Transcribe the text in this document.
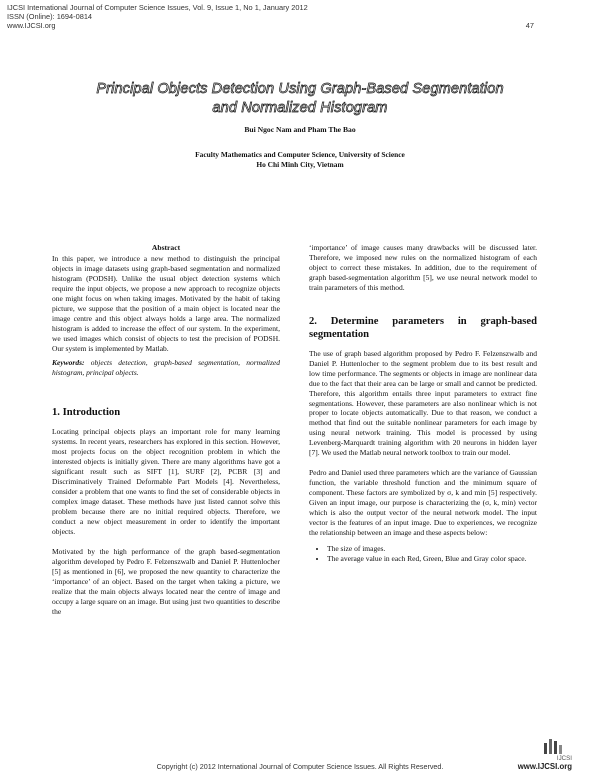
IJCSI International Journal of Computer Science Issues, Vol. 9, Issue 1, No 1, January 2012
ISSN (Online): 1694-0814
www.IJCSI.org	47
Principal Objects Detection Using Graph-Based Segmentation
and Normalized Histogram
Bui Ngoc Nam and Pham The Bao
Faculty Mathematics and Computer Science, University of Science
Ho Chi Minh City, Vietnam
Abstract

In this paper, we introduce a new method to distinguish the principal objects in image datasets using graph-based segmentation and normalized histogram (PODSH). Unlike the usual object detection systems which require the input objects, we propose a new approach to recognize objects one might focus on when taking images. Motivated by the habit of taking picture, we suppose that the position of a main object is located near the image centre and this object always holds a large area. The normalized histogram is added to increase the effect of our system. In the experiment, we used images which consist of objects to test the precision of PODSH. Our system is implemented by Matlab.

Keywords: objects detection, graph-based segmentation, normalized histogram, principal objects.

1. Introduction

Locating principal objects plays an important role for many learning systems. In recent years, researchers has explored in this section. However, most projects focus on the object recognition problem in which the interested objects is initially given. There are many algorithms have got a significant result such as SIFT [1], SURF [2], PCBR [3] and Discriminatively Trained Deformable Part Models [4]. Nevertheless, consider a problem that one wants to find the set of considerable objects in complex image dataset. These methods have just listed cannot solve this problem because there are no initial required objects. Therefore, we conduct a new object measurement in order to identify the important objects.

Motivated by the high performance of the graph based-segmentation algorithm developed by Pedro F. Felzenszwalb and Daniel P. Huttenlocher [5] as mentioned in [6], we proposed the new quantity to characterize the ‘importance’ of an object. Based on the target when taking a picture, we realize that the main objects always located near the centre of image and occupy a large square on an image. But using just two quantities to describe the

‘importance’ of image causes many drawbacks will be discussed later. Therefore, we imposed new rules on the normalized histogram of each object to correct these mistakes. In addition, due to the requirement of graph based-segmentation algorithm [5], we use neural network model to train parameters of this method.

2. Determine parameters in graph-based segmentation

The use of graph based algorithm proposed by Pedro F. Felzenszwalb and Daniel P. Huttenlocher to the segment problem due to its best result and low time performance. The segments or objects in image are nonlinear data due to the fact that their area can be large or small and cannot be predicted. Therefore, this algorithm entails three input parameters to extract fine segmentations. However, these parameters are also nonlinear which is not proper to locate objects automatically. Due to that reason, we conduct a method that find out the suitable nonlinear parameters for each image by using neural network training. This model is processed by using Levenberg-Marquardt training algorithm with 20 neurons in hidden layer [7]. We used the Matlab neural network toolbox to train our model.

Pedro and Daniel used three parameters which are the variance of Gaussian function, the variable threshold function and the minimum square of component. These factors are symbolized by σ, k and min [5] respectively. Given an input image, our purpose is characterizing the (σ, k, min) vector which is also the output vector of the neural network model. The input vector is the features of an input image. Due to experiences, we recognize the relationship between an image and these aspects below:

• The size of images.
• The average value in each Red, Green, Blue and Gray color space.
Copyright (c) 2012 International Journal of Computer Science Issues. All Rights Reserved.
IJCSI
www.IJCSI.org
